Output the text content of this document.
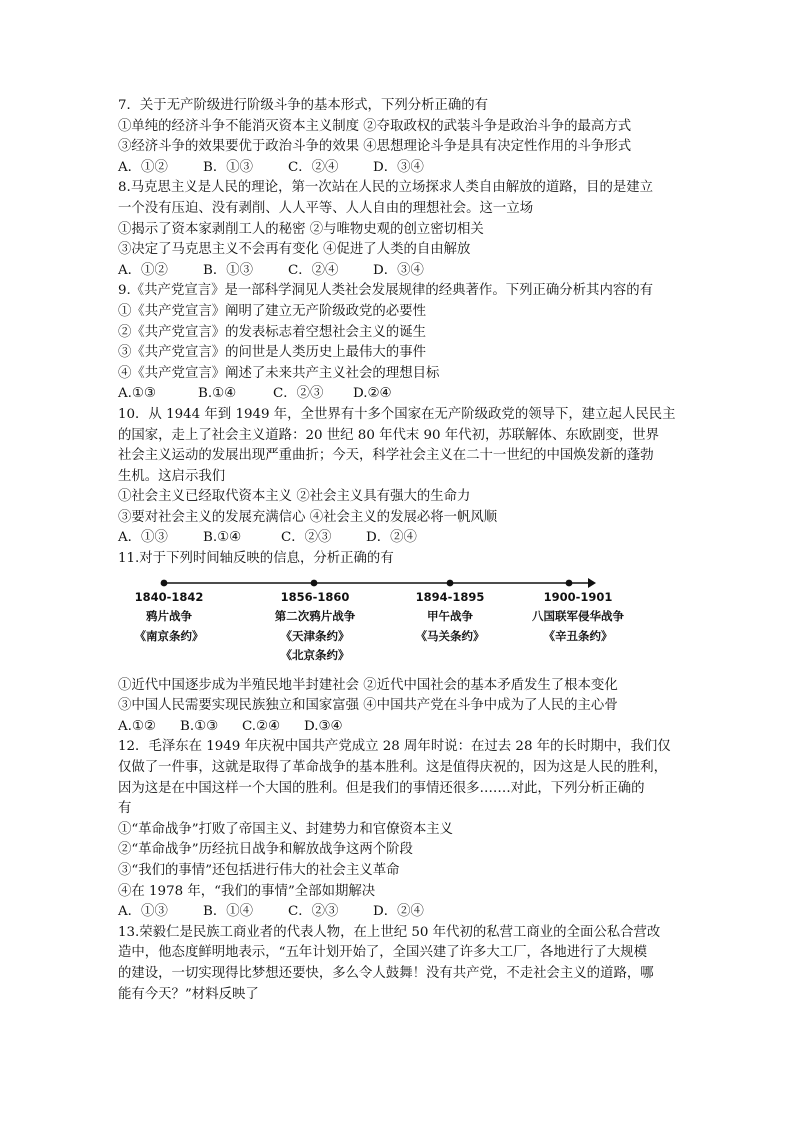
7．关于无产阶级进行阶级斗争的基本形式，下列分析正确的有
①单纯的经济斗争不能消灭资本主义制度 ②夺取政权的武装斗争是政治斗争的最高方式
③经济斗争的效果要优于政治斗争的效果 ④思想理论斗争是具有决定性作用的斗争形式
A．①②	B．①③	C．②④	D．③④
8.马克思主义是人民的理论，第一次站在人民的立场探求人类自由解放的道路，目的是建立
一个没有压迫、没有剥削、人人平等、人人自由的理想社会。这一立场
①揭示了资本家剥削工人的秘密 ②与唯物史观的创立密切相关
③决定了马克思主义不会再有变化 ④促进了人类的自由解放
A．①②	B．①③	C．②④	D．③④
9.《共产党宣言》是一部科学洞见人类社会发展规律的经典著作。下列正确分析其内容的有
①《共产党宣言》阐明了建立无产阶级政党的必要性
②《共产党宣言》的发表标志着空想社会主义的诞生
③《共产党宣言》的问世是人类历史上最伟大的事件
④《共产党宣言》阐述了未来共产主义社会的理想目标
A.①③	B.①④	C．②③ D.②④
10．从 1944 年到 1949 年，全世界有十多个国家在无产阶级政党的领导下，建立起人民民主
的国家，走上了社会主义道路：20 世纪 80 年代末 90 年代初，苏联解体、东欧剧变，世界
社会主义运动的发展出现严重曲折；今天，科学社会主义在二十一世纪的中国焕发新的蓬勃
生机。这启示我们
①社会主义已经取代资本主义 ②社会主义具有强大的生命力
③要对社会主义的发展充满信心 ④社会主义的发展必将一帆风顺
A．①③	B.①④	C．②③	D．②④
11.对于下列时间轴反映的信息，分析正确的有
1840-1842
鸦片战争
《南京条约》
1856-1860
第二次鸦片战争
《天津条约》
《北京条约》
1894-1895
甲午战争
《马关条约》
1900-1901
八国联军侵华战争
《辛丑条约》
①近代中国逐步成为半殖民地半封建社会 ②近代中国社会的基本矛盾发生了根本变化
③中国人民需要实现民族独立和国家富强 ④中国共产党在斗争中成为了人民的主心骨
A.①② B.①③ C.②④ D.③④
12．毛泽东在 1949 年庆祝中国共产党成立 28 周年时说：在过去 28 年的长时期中，我们仅
仅做了一件事，这就是取得了革命战争的基本胜利。这是值得庆祝的，因为这是人民的胜利，
因为这是在中国这样一个大国的胜利。但是我们的事情还很多…….对此，下列分析正确的
有
①“革命战争”打败了帝国主义、封建势力和官僚资本主义
②“革命战争”历经抗日战争和解放战争这两个阶段
③“我们的事情”还包括进行伟大的社会主义革命
④在 1978 年，“我们的事情”全部如期解决
A．①③	B．①④	C．②③	D．②④
13.荣毅仁是民族工商业者的代表人物，在上世纪 50 年代初的私营工商业的全面公私合营改
造中，他态度鲜明地表示，“五年计划开始了，全国兴建了许多大工厂，各地进行了大规模
的建设，一切实现得比梦想还要快，多么令人鼓舞！没有共产党，不走社会主义的道路，哪
能有今天？”材料反映了
